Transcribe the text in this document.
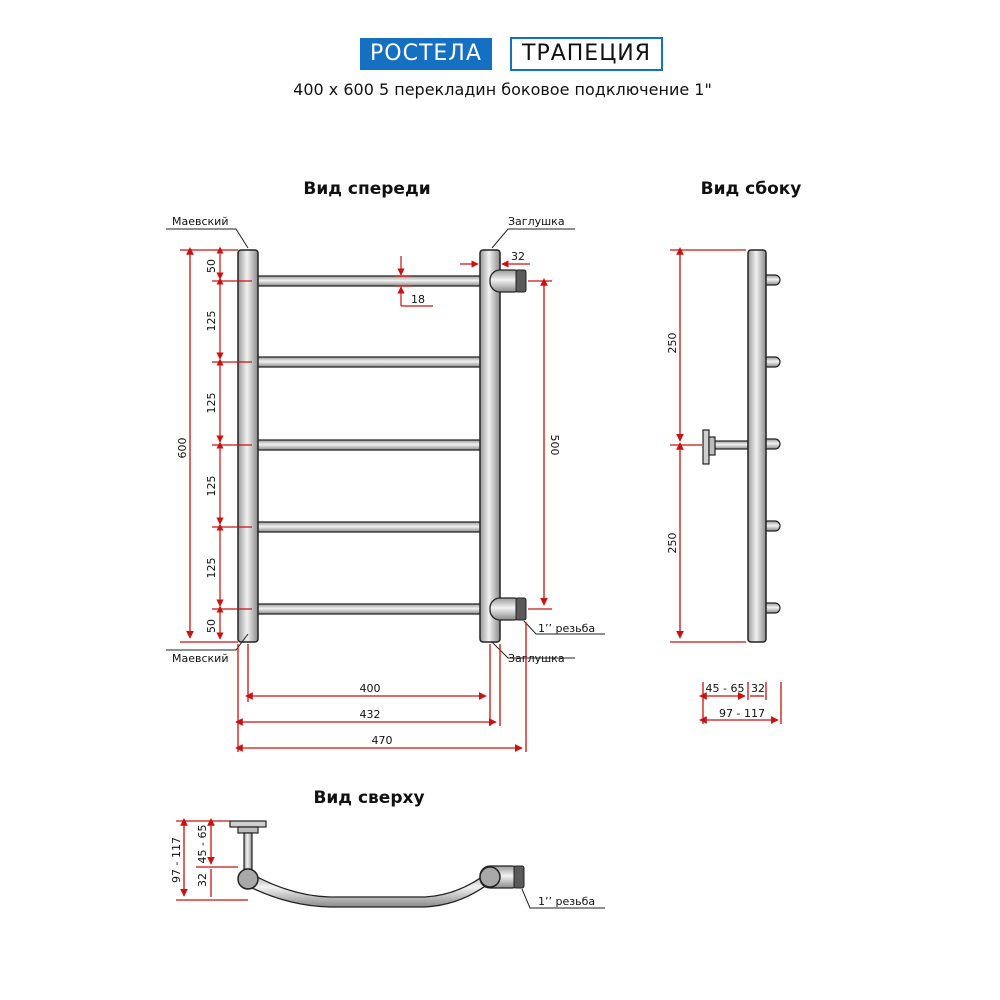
РОСТЕЛА	ТРАПЕЦИЯ
400 х 600 5 перекладин боковое подключение 1"
Вид спереди
Маевский
Маевский
Заглушка
Заглушка
1’’ резьба
600
50
125
125
125
125
50
500
18
32
400
432
470
Вид сбоку
250
250
45 - 65 32
97 - 117
Вид сверху
1’’ резьба
97 - 117 45 - 65
32
